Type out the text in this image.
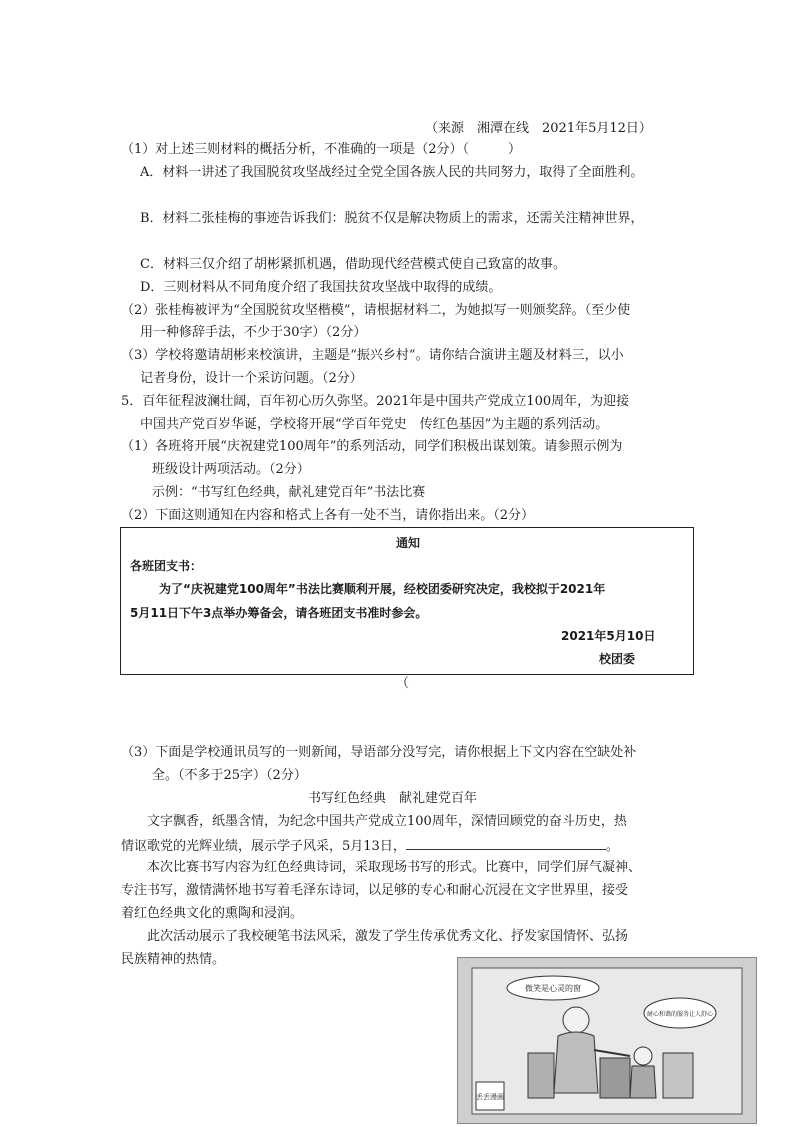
（来源　湘潭在线　2021年5月12日）
（1）对上述三则材料的概括分析，不准确的一项是（2分）（　　　）
A．材料一讲述了我国脱贫攻坚战经过全党全国各族人民的共同努力，取得了全面胜利。
B．材料二张桂梅的事迹告诉我们：脱贫不仅是解决物质上的需求，还需关注精神世界，
C．材料三仅介绍了胡彬紧抓机遇，借助现代经营模式使自己致富的故事。
D．三则材料从不同角度介绍了我国扶贫攻坚战中取得的成绩。
（2）张桂梅被评为“全国脱贫攻坚楷模”，请根据材料二，为她拟写一则颁奖辞。（至少使
用一种修辞手法，不少于30字）（2分）
（3）学校将邀请胡彬来校演讲，主题是“振兴乡村”。请你结合演讲主题及材料三，以小
记者身份，设计一个采访问题。（2分）
5．百年征程波澜壮阔，百年初心历久弥坚。2021年是中国共产党成立100周年，为迎接
中国共产党百岁华诞，学校将开展“学百年党史　传红色基因”为主题的系列活动。
（1）各班将开展“庆祝建党100周年”的系列活动，同学们积极出谋划策。请参照示例为
班级设计两项活动。（2分）
示例：“书写红色经典，献礼建党百年”书法比赛
（2）下面这则通知在内容和格式上各有一处不当，请你指出来。（2分）
通知
各班团支书：
为了“庆祝建党100周年”书法比赛顺利开展，经校团委研究决定，我校拟于2021年
5月11日下午3点举办筹备会，请各班团支书准时参会。
2021年5月10日
校团委
（
（3）下面是学校通讯员写的一则新闻，导语部分没写完，请你根据上下文内容在空缺处补
全。（不多于25字）（2分）
书写红色经典　献礼建党百年
文字飘香，纸墨含情，为纪念中国共产党成立100周年，深情回顾党的奋斗历史，热
情讴歌党的光辉业绩，展示学子风采，5月13日，	。
本次比赛书写内容为红色经典诗词，采取现场书写的形式。比赛中，同学们屏气凝神、
专注书写，激情满怀地书写着毛泽东诗词，以足够的专心和耐心沉浸在文字世界里，接受
着红色经典文化的熏陶和浸润。
此次活动展示了我校硬笔书法风采，激发了学生传承优秀文化、抒发家国情怀、弘扬
民族精神的热情。
微笑是心灵的窗
耐心和蔼的服务让人舒心
丢丢漫画
